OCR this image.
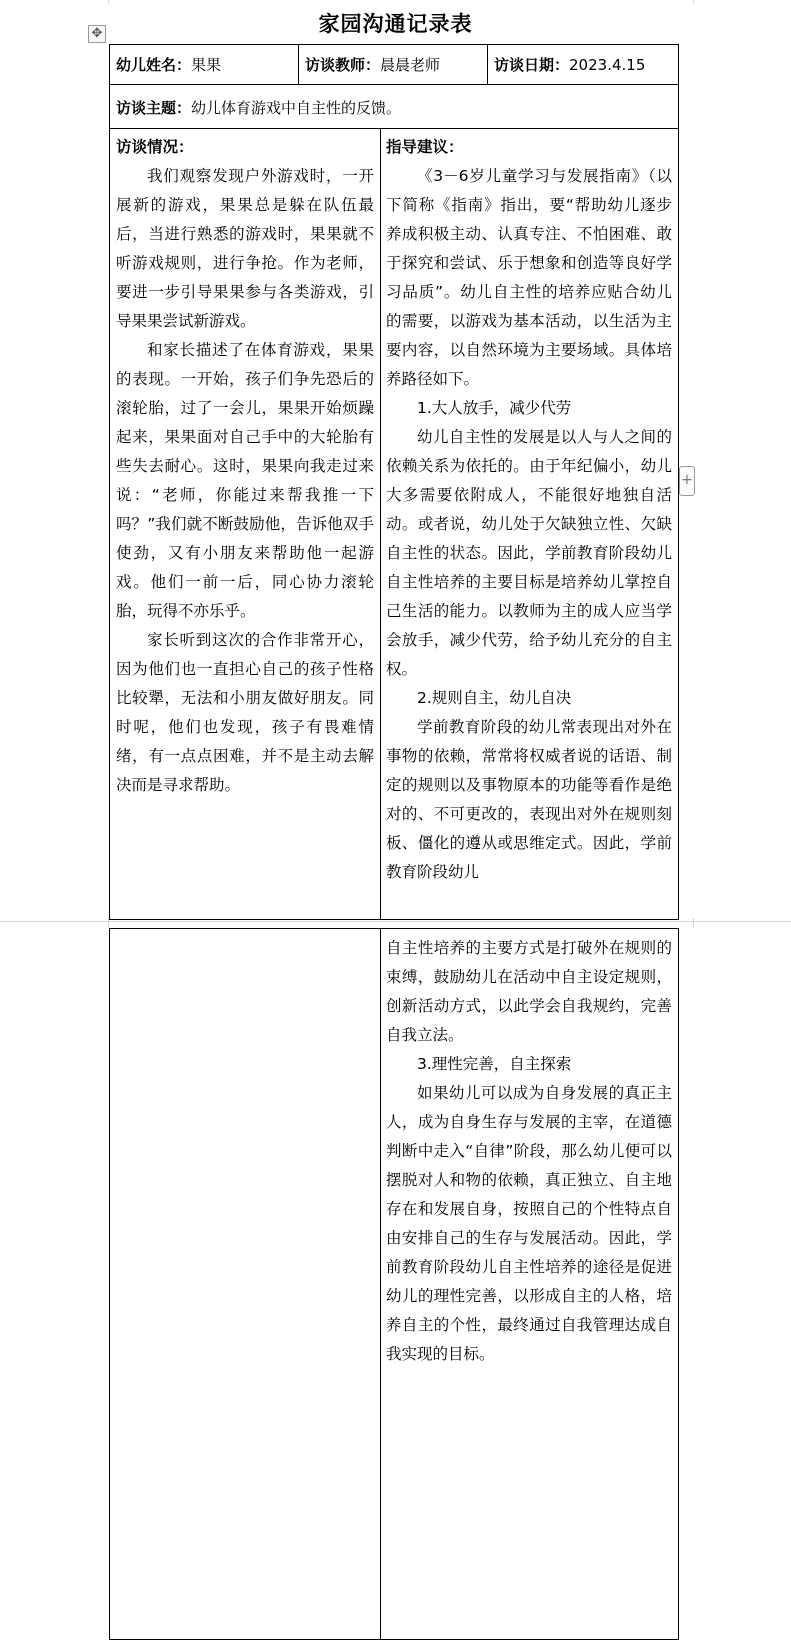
✥
+
家园沟通记录表
幼儿姓名：果果	访谈教师：晨晨老师	访谈日期：2023.4.15
访谈主题：幼儿体育游戏中自主性的反馈。

访谈情况：

我们观察发现户外游戏时，一开展新的游戏，果果总是躲在队伍最后，当进行熟悉的游戏时，果果就不听游戏规则，进行争抢。作为老师，要进一步引导果果参与各类游戏，引导果果尝试新游戏。

和家长描述了在体育游戏，果果的表现。一开始，孩子们争先恐后的滚轮胎，过了一会儿，果果开始烦躁起来，果果面对自己手中的大轮胎有些失去耐心。这时，果果向我走过来说：“老师，你能过来帮我推一下吗？”我们就不断鼓励他，告诉他双手使劲，又有小朋友来帮助他一起游戏。他们一前一后，同心协力滚轮胎，玩得不亦乐乎。

家长听到这次的合作非常开心，因为他们也一直担心自己的孩子性格比较犟，无法和小朋友做好朋友。同时呢，他们也发现，孩子有畏难情绪，有一点点困难，并不是主动去解决而是寻求帮助。

指导建议：

《3－6岁儿童学习与发展指南》（以下简称《指南》指出，要“帮助幼儿逐步养成积极主动、认真专注、不怕困难、敢于探究和尝试、乐于想象和创造等良好学习品质”。幼儿自主性的培养应贴合幼儿的需要，以游戏为基本活动，以生活为主要内容，以自然环境为主要场域。具体培养路径如下。

1.大人放手，减少代劳

幼儿自主性的发展是以人与人之间的依赖关系为依托的。由于年纪偏小，幼儿大多需要依附成人，不能很好地独自活动。或者说，幼儿处于欠缺独立性、欠缺自主性的状态。因此，学前教育阶段幼儿自主性培养的主要目标是培养幼儿掌控自己生活的能力。以教师为主的成人应当学会放手，减少代劳，给予幼儿充分的自主权。

2.规则自主，幼儿自决

学前教育阶段的幼儿常表现出对外在事物的依赖，常常将权威者说的话语、制定的规则以及事物原本的功能等看作是绝对的、不可更改的，表现出对外在规则刻板、僵化的遵从或思维定式。因此，学前教育阶段幼儿

自主性培养的主要方式是打破外在规则的束缚，鼓励幼儿在活动中自主设定规则，创新活动方式，以此学会自我规约，完善自我立法。

3.理性完善，自主探索

如果幼儿可以成为自身发展的真正主人，成为自身生存与发展的主宰，在道德判断中走入“自律”阶段，那么幼儿便可以摆脱对人和物的依赖，真正独立、自主地存在和发展自身，按照自己的个性特点自由安排自己的生存与发展活动。因此，学前教育阶段幼儿自主性培养的途径是促进幼儿的理性完善，以形成自主的人格，培养自主的个性，最终通过自我管理达成自我实现的目标。
